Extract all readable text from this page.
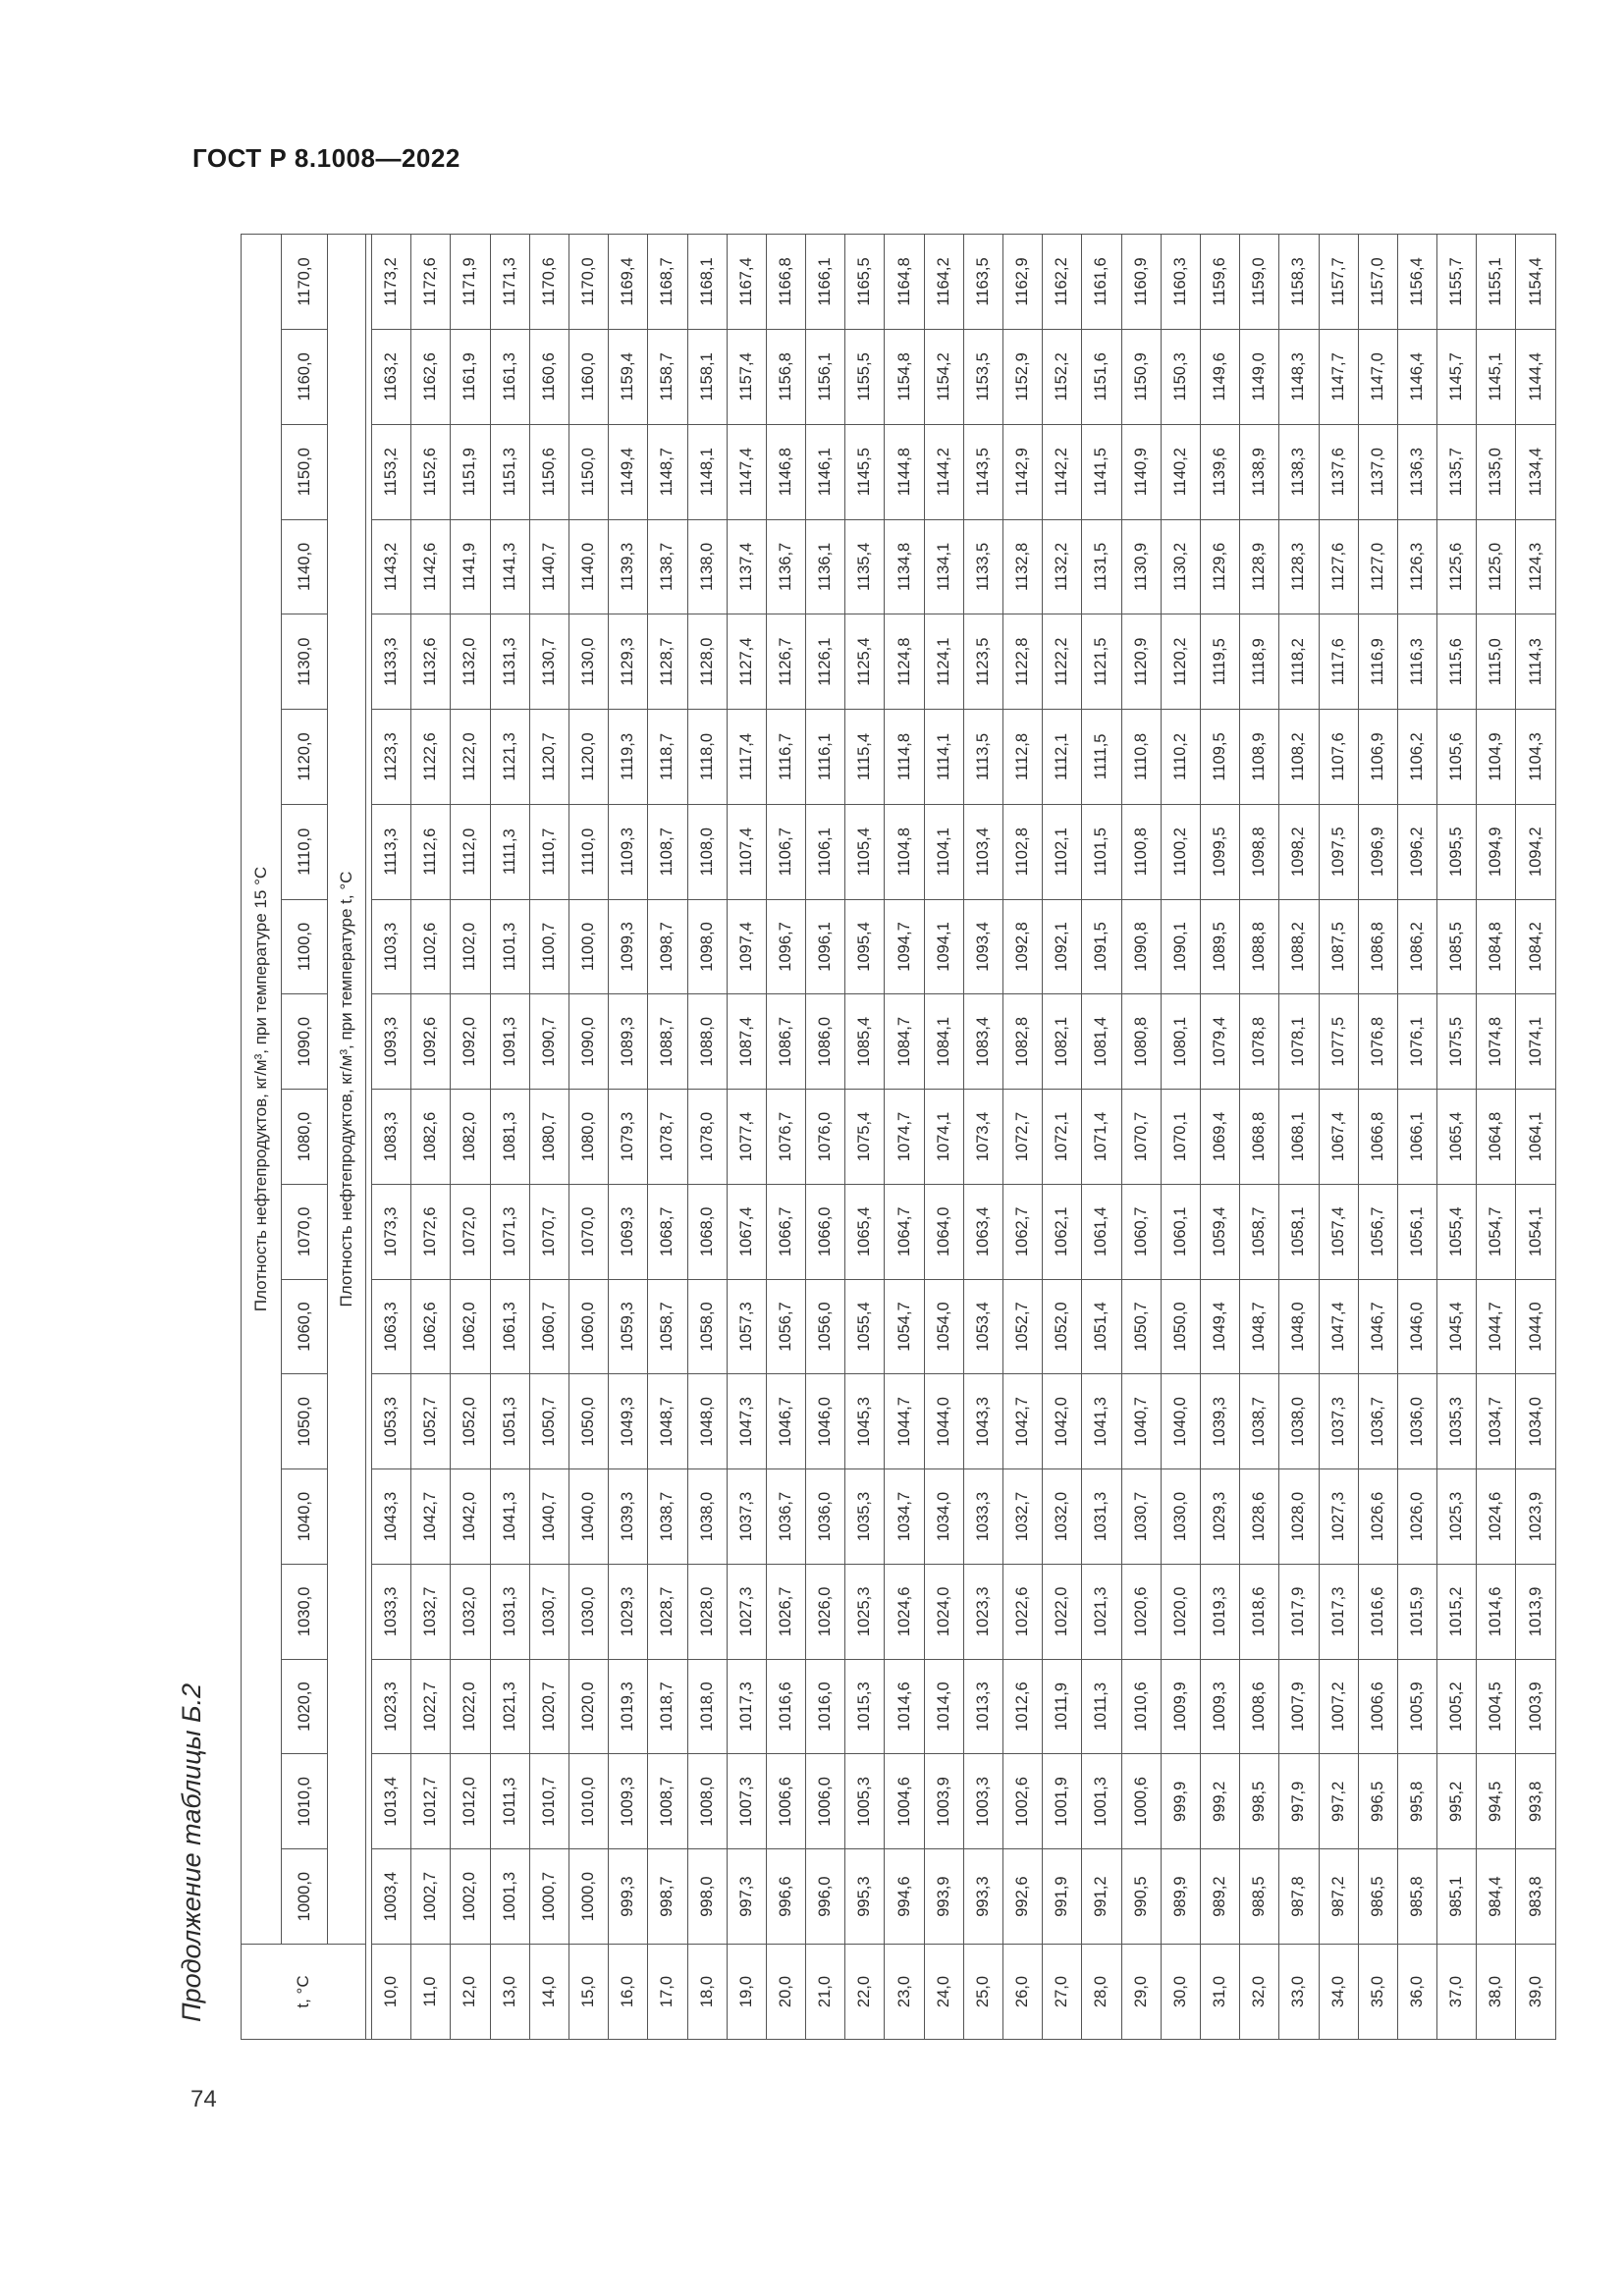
ГОСТ Р 8.1008—2022
Продолжение таблицы Б.2
74
t, °C	Плотность нефтепродуктов, кг/м³, при температуре 15 °С																	
	1000,0	1010,0	1020,0	1030,0	1040,0	1050,0	1060,0	1070,0	1080,0	1090,0	1100,0	1110,0	1120,0	1130,0	1140,0	1150,0	1160,0	1170,0
	Плотность нефтепродуктов, кг/м³, при температуре t, °C																	

10,0	1003,4	1013,4	1023,3	1033,3	1043,3	1053,3	1063,3	1073,3	1083,3	1093,3	1103,3	1113,3	1123,3	1133,3	1143,2	1153,2	1163,2	1173,2
11,0	1002,7	1012,7	1022,7	1032,7	1042,7	1052,7	1062,6	1072,6	1082,6	1092,6	1102,6	1112,6	1122,6	1132,6	1142,6	1152,6	1162,6	1172,6
12,0	1002,0	1012,0	1022,0	1032,0	1042,0	1052,0	1062,0	1072,0	1082,0	1092,0	1102,0	1112,0	1122,0	1132,0	1141,9	1151,9	1161,9	1171,9
13,0	1001,3	1011,3	1021,3	1031,3	1041,3	1051,3	1061,3	1071,3	1081,3	1091,3	1101,3	1111,3	1121,3	1131,3	1141,3	1151,3	1161,3	1171,3
14,0	1000,7	1010,7	1020,7	1030,7	1040,7	1050,7	1060,7	1070,7	1080,7	1090,7	1100,7	1110,7	1120,7	1130,7	1140,7	1150,6	1160,6	1170,6
15,0	1000,0	1010,0	1020,0	1030,0	1040,0	1050,0	1060,0	1070,0	1080,0	1090,0	1100,0	1110,0	1120,0	1130,0	1140,0	1150,0	1160,0	1170,0
16,0	999,3	1009,3	1019,3	1029,3	1039,3	1049,3	1059,3	1069,3	1079,3	1089,3	1099,3	1109,3	1119,3	1129,3	1139,3	1149,4	1159,4	1169,4
17,0	998,7	1008,7	1018,7	1028,7	1038,7	1048,7	1058,7	1068,7	1078,7	1088,7	1098,7	1108,7	1118,7	1128,7	1138,7	1148,7	1158,7	1168,7
18,0	998,0	1008,0	1018,0	1028,0	1038,0	1048,0	1058,0	1068,0	1078,0	1088,0	1098,0	1108,0	1118,0	1128,0	1138,0	1148,1	1158,1	1168,1
19,0	997,3	1007,3	1017,3	1027,3	1037,3	1047,3	1057,3	1067,4	1077,4	1087,4	1097,4	1107,4	1117,4	1127,4	1137,4	1147,4	1157,4	1167,4
20,0	996,6	1006,6	1016,6	1026,7	1036,7	1046,7	1056,7	1066,7	1076,7	1086,7	1096,7	1106,7	1116,7	1126,7	1136,7	1146,8	1156,8	1166,8
21,0	996,0	1006,0	1016,0	1026,0	1036,0	1046,0	1056,0	1066,0	1076,0	1086,0	1096,1	1106,1	1116,1	1126,1	1136,1	1146,1	1156,1	1166,1
22,0	995,3	1005,3	1015,3	1025,3	1035,3	1045,3	1055,4	1065,4	1075,4	1085,4	1095,4	1105,4	1115,4	1125,4	1135,4	1145,5	1155,5	1165,5
23,0	994,6	1004,6	1014,6	1024,6	1034,7	1044,7	1054,7	1064,7	1074,7	1084,7	1094,7	1104,8	1114,8	1124,8	1134,8	1144,8	1154,8	1164,8
24,0	993,9	1003,9	1014,0	1024,0	1034,0	1044,0	1054,0	1064,0	1074,1	1084,1	1094,1	1104,1	1114,1	1124,1	1134,1	1144,2	1154,2	1164,2
25,0	993,3	1003,3	1013,3	1023,3	1033,3	1043,3	1053,4	1063,4	1073,4	1083,4	1093,4	1103,4	1113,5	1123,5	1133,5	1143,5	1153,5	1163,5
26,0	992,6	1002,6	1012,6	1022,6	1032,7	1042,7	1052,7	1062,7	1072,7	1082,8	1092,8	1102,8	1112,8	1122,8	1132,8	1142,9	1152,9	1162,9
27,0	991,9	1001,9	1011,9	1022,0	1032,0	1042,0	1052,0	1062,1	1072,1	1082,1	1092,1	1102,1	1112,1	1122,2	1132,2	1142,2	1152,2	1162,2
28,0	991,2	1001,3	1011,3	1021,3	1031,3	1041,3	1051,4	1061,4	1071,4	1081,4	1091,5	1101,5	1111,5	1121,5	1131,5	1141,5	1151,6	1161,6
29,0	990,5	1000,6	1010,6	1020,6	1030,7	1040,7	1050,7	1060,7	1070,7	1080,8	1090,8	1100,8	1110,8	1120,9	1130,9	1140,9	1150,9	1160,9
30,0	989,9	999,9	1009,9	1020,0	1030,0	1040,0	1050,0	1060,1	1070,1	1080,1	1090,1	1100,2	1110,2	1120,2	1130,2	1140,2	1150,3	1160,3
31,0	989,2	999,2	1009,3	1019,3	1029,3	1039,3	1049,4	1059,4	1069,4	1079,4	1089,5	1099,5	1109,5	1119,5	1129,6	1139,6	1149,6	1159,6
32,0	988,5	998,5	1008,6	1018,6	1028,6	1038,7	1048,7	1058,7	1068,8	1078,8	1088,8	1098,8	1108,9	1118,9	1128,9	1138,9	1149,0	1159,0
33,0	987,8	997,9	1007,9	1017,9	1028,0	1038,0	1048,0	1058,1	1068,1	1078,1	1088,2	1098,2	1108,2	1118,2	1128,3	1138,3	1148,3	1158,3
34,0	987,2	997,2	1007,2	1017,3	1027,3	1037,3	1047,4	1057,4	1067,4	1077,5	1087,5	1097,5	1107,6	1117,6	1127,6	1137,6	1147,7	1157,7
35,0	986,5	996,5	1006,6	1016,6	1026,6	1036,7	1046,7	1056,7	1066,8	1076,8	1086,8	1096,9	1106,9	1116,9	1127,0	1137,0	1147,0	1157,0
36,0	985,8	995,8	1005,9	1015,9	1026,0	1036,0	1046,0	1056,1	1066,1	1076,1	1086,2	1096,2	1106,2	1116,3	1126,3	1136,3	1146,4	1156,4
37,0	985,1	995,2	1005,2	1015,2	1025,3	1035,3	1045,4	1055,4	1065,4	1075,5	1085,5	1095,5	1105,6	1115,6	1125,6	1135,7	1145,7	1155,7
38,0	984,4	994,5	1004,5	1014,6	1024,6	1034,7	1044,7	1054,7	1064,8	1074,8	1084,8	1094,9	1104,9	1115,0	1125,0	1135,0	1145,1	1155,1
39,0	983,8	993,8	1003,9	1013,9	1023,9	1034,0	1044,0	1054,1	1064,1	1074,1	1084,2	1094,2	1104,3	1114,3	1124,3	1134,4	1144,4	1154,4
